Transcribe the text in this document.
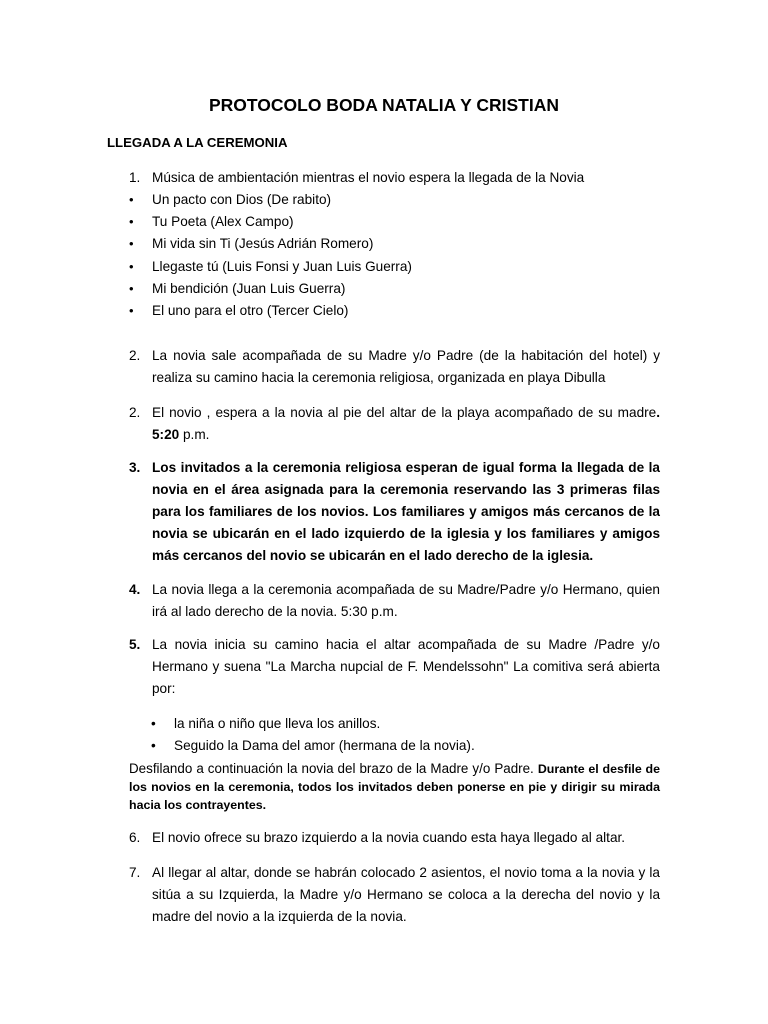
PROTOCOLO BODA NATALIA Y CRISTIAN
LLEGADA A LA CEREMONIA
1. Música de ambientación mientras el novio espera la llegada de la Novia
•	Un pacto con Dios (De rabito)
•	Tu Poeta (Alex Campo)
•	Mi vida sin Ti (Jesús Adrián Romero)
•	Llegaste tú (Luis Fonsi y Juan Luis Guerra)
•	Mi bendición (Juan Luis Guerra)
•	El uno para el otro (Tercer Cielo)
2. La novia sale acompañada de su Madre y/o Padre (de la habitación del hotel) y realiza su camino hacia la ceremonia religiosa, organizada en playa Dibulla
2. El novio , espera a la novia al pie del altar de la playa acompañado de su madre. 5:20 p.m.
3. Los invitados a la ceremonia religiosa esperan de igual forma la llegada de la novia en el área asignada para la ceremonia reservando las 3 primeras filas para los familiares de los novios. Los familiares y amigos más cercanos de la novia se ubicarán en el lado izquierdo de la iglesia y los familiares y amigos más cercanos del novio se ubicarán en el lado derecho de la iglesia.
4. La novia llega a la ceremonia acompañada de su Madre/Padre y/o Hermano, quien irá al lado derecho de la novia. 5:30 p.m.
5. La novia inicia su camino hacia el altar acompañada de su Madre /Padre y/o Hermano y suena "La Marcha nupcial de F. Mendelssohn" La comitiva será abierta por:
• la niña o niño que lleva los anillos.
• Seguido la Dama del amor (hermana de la novia).
Desfilando a continuación la novia del brazo de la Madre y/o Padre. Durante el desfile de los novios en la ceremonia, todos los invitados deben ponerse en pie y dirigir su mirada hacia los contrayentes.
6. El novio ofrece su brazo izquierdo a la novia cuando esta haya llegado al altar.
7. Al llegar al altar, donde se habrán colocado 2 asientos, el novio toma a la novia y la sitúa a su Izquierda, la Madre y/o Hermano se coloca a la derecha del novio y la madre del novio a la izquierda de la novia.
